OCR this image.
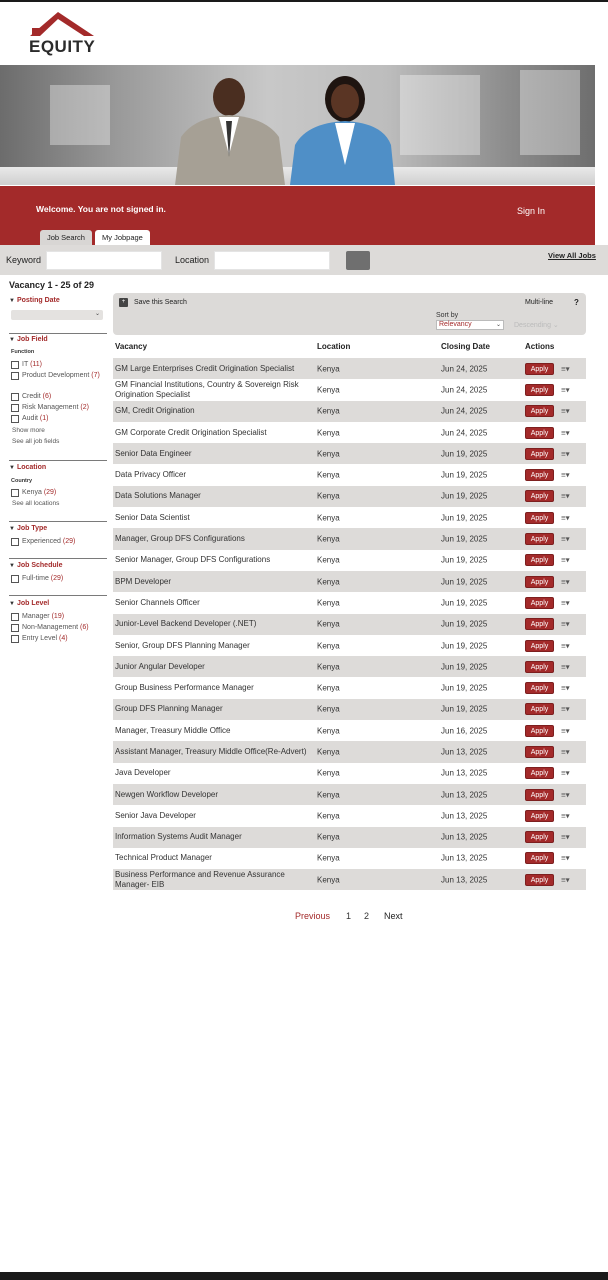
EQUITY
Welcome. You are not signed in.	Sign In
Job Search	My Jobpage
Keyword	Location	View All Jobs
Vacancy 1 - 25 of 29
▼ Posting Date
⌄
▼ Job Field
Function
IT (11)
Product Development (7)
Credit (6)
Risk Management (2)
Audit (1)
Show more
See all job fields
▼ Location
Country
Kenya (29)
See all locations
▼ Job Type
Experienced (29)
▼ Job Schedule
Full-time (29)
▼ Job Level
Manager (19)
Non-Management (6)
Entry Level (4)
+	Save this Search	Multi-line	?
Sort by
Relevancy	⌄ Descending ⌄
Vacancy	Location	Closing Date	Actions
GM Large Enterprises Credit Origination Specialist	Kenya	Jun 24, 2025	Apply	≡▾
GM Financial Institutions, Country & Sovereign Risk Origination Specialist	Kenya	Jun 24, 2025	Apply	≡▾
GM, Credit Origination	Kenya	Jun 24, 2025	Apply	≡▾
GM Corporate Credit Origination Specialist	Kenya	Jun 24, 2025	Apply	≡▾
Senior Data Engineer	Kenya	Jun 19, 2025	Apply	≡▾
Data Privacy Officer	Kenya	Jun 19, 2025	Apply	≡▾
Data Solutions Manager	Kenya	Jun 19, 2025	Apply	≡▾
Senior Data Scientist	Kenya	Jun 19, 2025	Apply	≡▾
Manager, Group DFS Configurations	Kenya	Jun 19, 2025	Apply	≡▾
Senior Manager, Group DFS Configurations	Kenya	Jun 19, 2025	Apply	≡▾
BPM Developer	Kenya	Jun 19, 2025	Apply	≡▾
Senior Channels Officer	Kenya	Jun 19, 2025	Apply	≡▾
Junior-Level Backend Developer (.NET)	Kenya	Jun 19, 2025	Apply	≡▾
Senior, Group DFS Planning Manager	Kenya	Jun 19, 2025	Apply	≡▾
Junior Angular Developer	Kenya	Jun 19, 2025	Apply	≡▾
Group Business Performance Manager	Kenya	Jun 19, 2025	Apply	≡▾
Group DFS Planning Manager	Kenya	Jun 19, 2025	Apply	≡▾
Manager, Treasury Middle Office	Kenya	Jun 16, 2025	Apply	≡▾
Assistant Manager, Treasury Middle Office(Re-Advert)	Kenya	Jun 13, 2025	Apply	≡▾
Java Developer	Kenya	Jun 13, 2025	Apply	≡▾
Newgen Workflow Developer	Kenya	Jun 13, 2025	Apply	≡▾
Senior Java Developer	Kenya	Jun 13, 2025	Apply	≡▾
Information Systems Audit Manager	Kenya	Jun 13, 2025	Apply	≡▾
Technical Product Manager	Kenya	Jun 13, 2025	Apply	≡▾
Business Performance and Revenue Assurance Manager- EIB	Kenya	Jun 13, 2025	Apply	≡▾
Previous 1 2 Next
